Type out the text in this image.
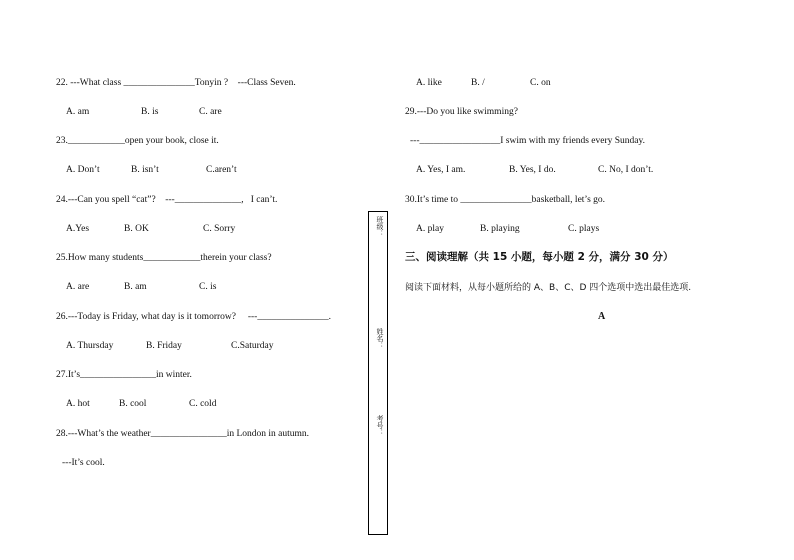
22. ---What class _______________Tonyin ?    ---Class Seven.
A. am	B. is	C. are
23.____________open your book, close it.
A. Don’t	B. isn’t	C.aren’t
24.---Can you spell “cat”?    ---______________,   I can’t.
A.Yes	B. OK	C. Sorry
25.How many students____________therein your class?
A. are	B. am	C. is
26.---Today is Friday, what day is it tomorrow?     ---_______________.
A. Thursday	B. Friday	C.Saturday
27.It’s________________in winter.
A. hot	B. cool	C. cold
28.---What’s the weather________________in London in autumn.
---It’s cool.
班级：
姓名：
考号：
A. like	B. /	C. on
29.---Do you like swimming?
---_________________I swim with my friends every Sunday.
A. Yes, I am.	B. Yes, I do.	C. No, I don’t.
30.It’s time to _______________basketball, let’s go.
A. play	B. playing	C. plays
三、阅读理解（共 15 小题，每小题 2 分，满分 30 分）
阅读下面材料，从每小题所给的 A、B、C、D 四个选项中选出最佳选项.
A
